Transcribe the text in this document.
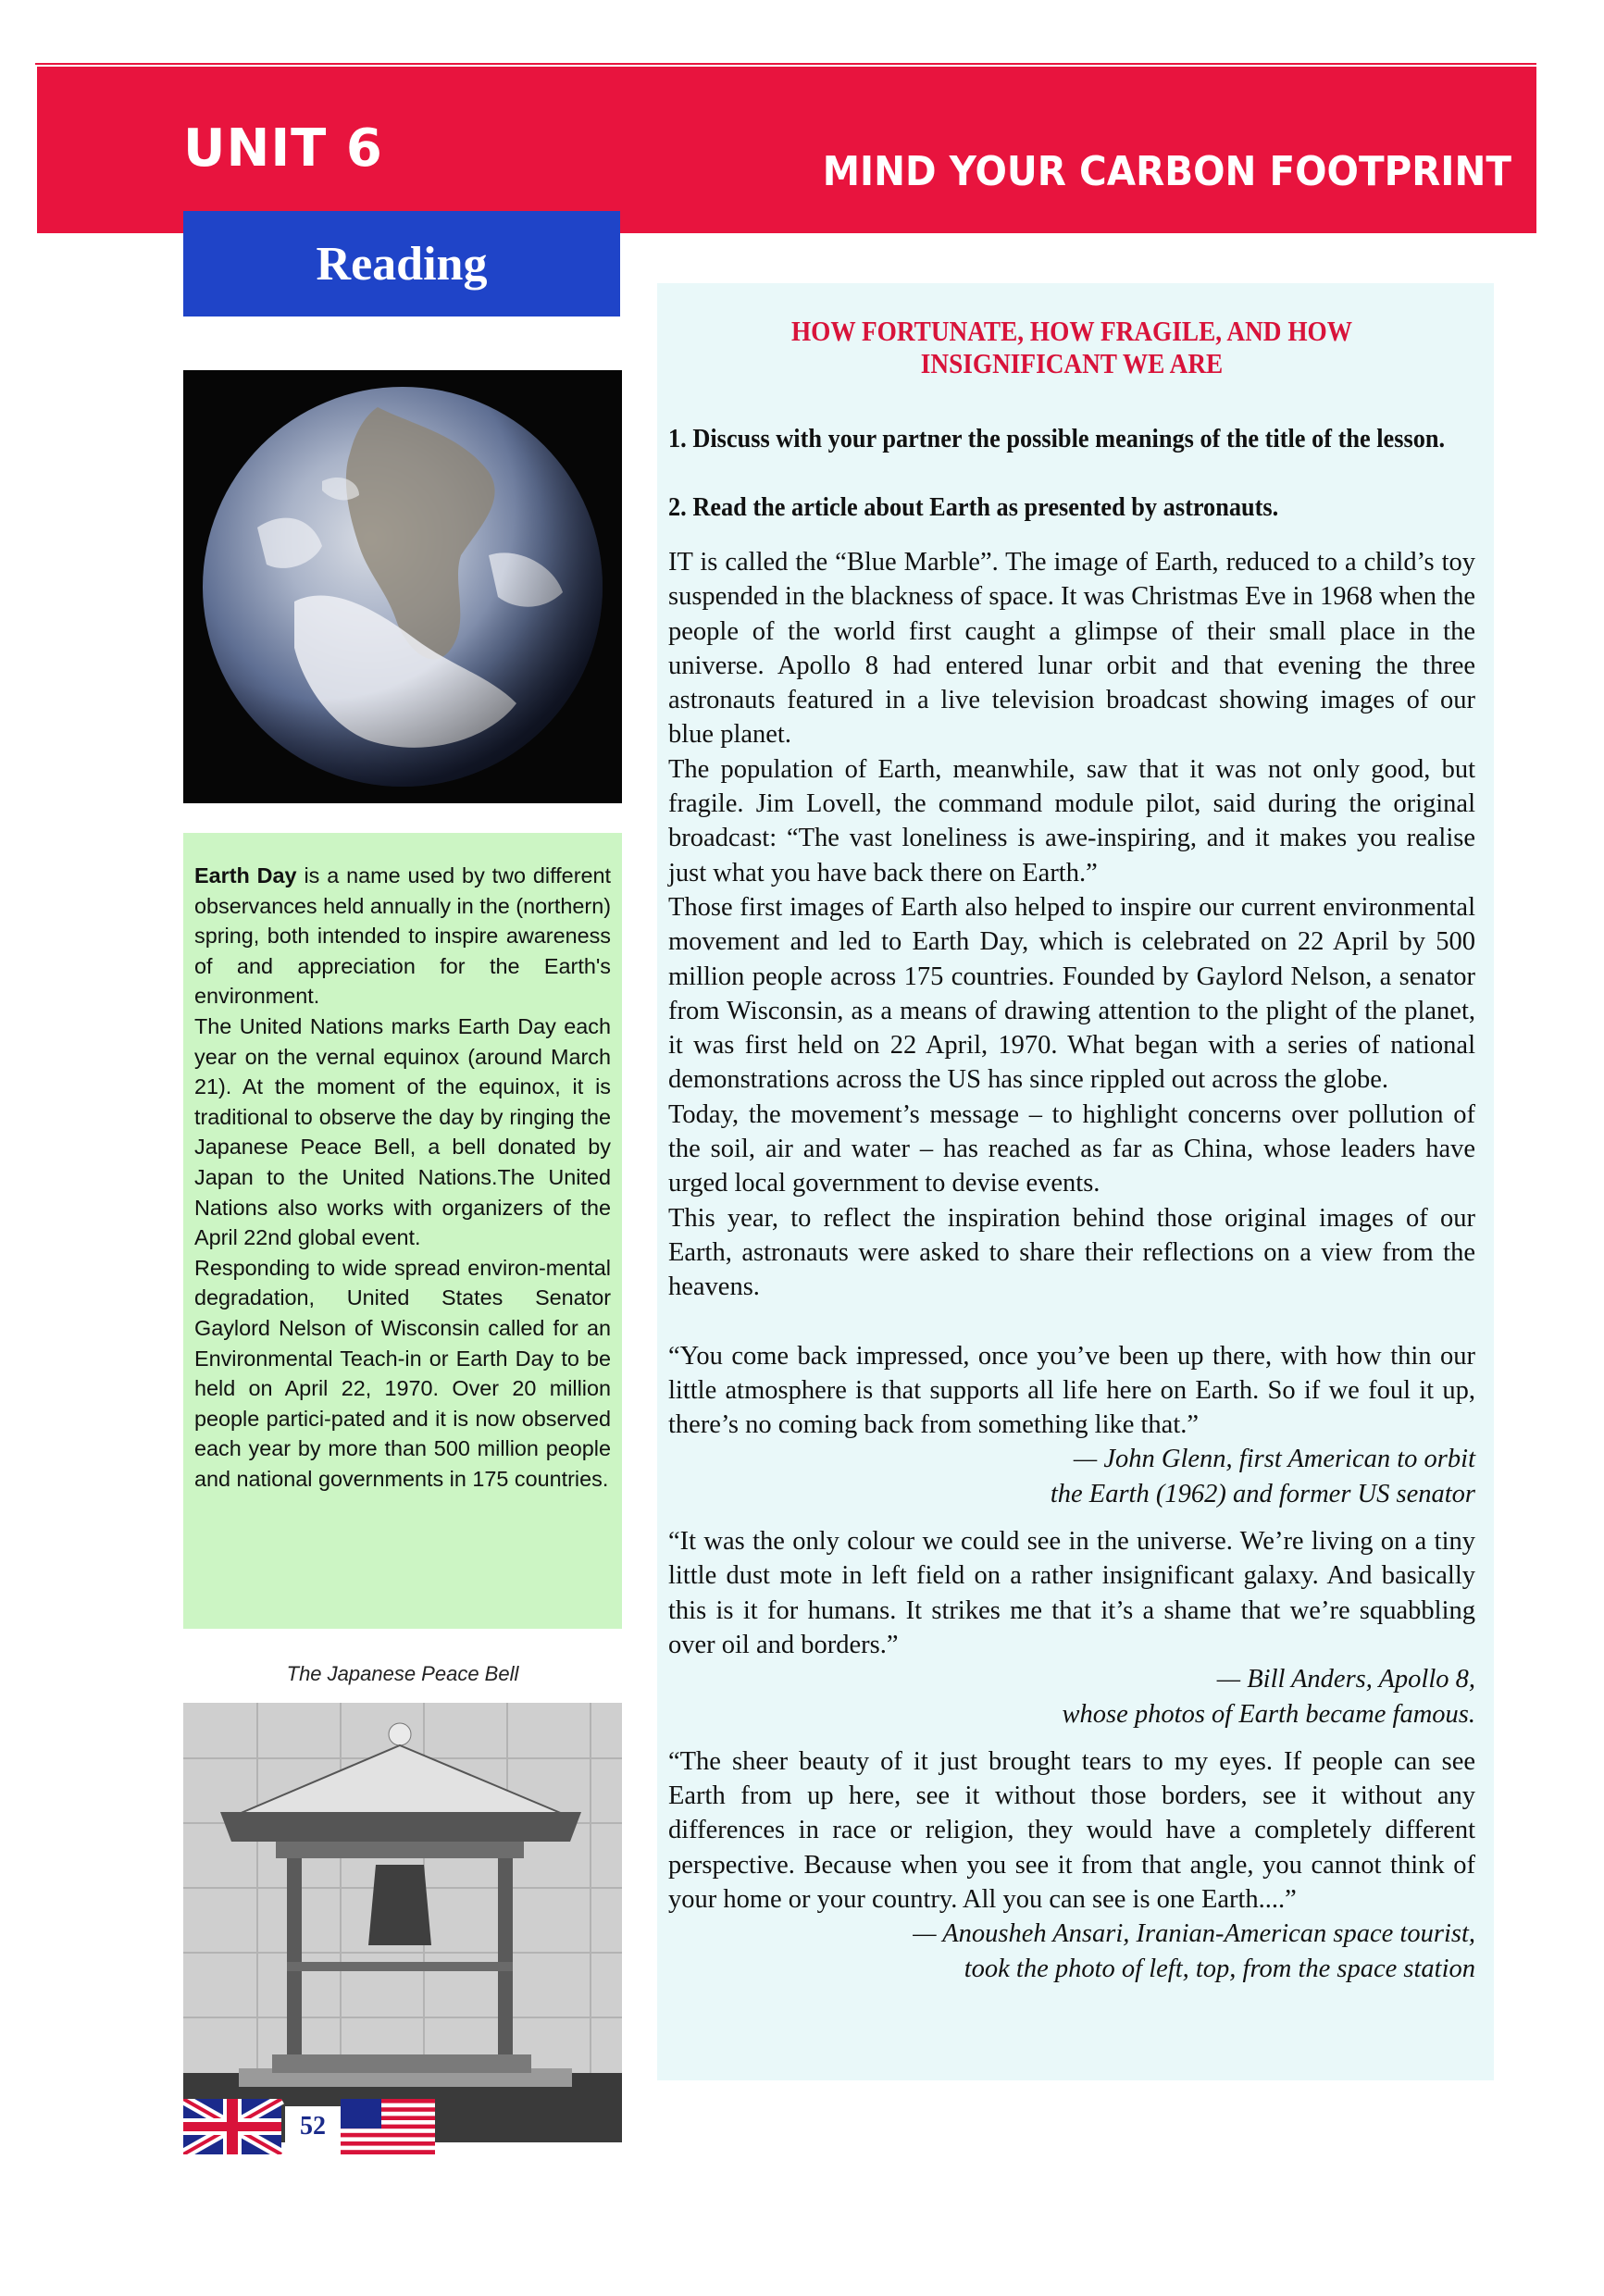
UNIT 6	MIND YOUR CARBON FOOTPRINT
Reading

Earth Day is a name used by two different observances held annually in the (northern) spring, both intended to inspire awareness of and appreciation for the Earth's environment.

The United Nations marks Earth Day each year on the vernal equinox (around March 21). At the moment of the equinox, it is traditional to observe the day by ringing the Japanese Peace Bell, a bell donated by Japan to the United Nations.The United Nations also works with organizers of the April 22nd global event.

Responding to wide spread environ-mental degradation, United States Senator Gaylord Nelson of Wisconsin called for an Environmental Teach-in or Earth Day to be held on April 22, 1970. Over 20 million people partici-pated and it is now observed each year by more than 500 million people and national governments in 175 countries.

The Japanese Peace Bell
HOW FORTUNATE, HOW FRAGILE, AND HOW
INSIGNIFICANT WE ARE

1. Discuss with your partner the possible meanings of the title of the lesson.

2. Read the article about Earth as presented by astronauts.

IT is called the “Blue Marble”. The image of Earth, reduced to a child’s toy suspended in the blackness of space. It was Christmas Eve in 1968 when the people of the world first caught a glimpse of their small place in the universe. Apollo 8 had entered lunar orbit and that evening the three astronauts featured in a live television broadcast showing images of our blue planet.

The population of Earth, meanwhile, saw that it was not only good, but fragile. Jim Lovell, the command module pilot, said during the original broadcast: “The vast loneliness is awe-inspiring, and it makes you realise just what you have back there on Earth.”

Those first images of Earth also helped to inspire our current environmental movement and led to Earth Day, which is celebrated on 22 April by 500 million people across 175 countries. Founded by Gaylord Nelson, a senator from Wisconsin, as a means of drawing attention to the plight of the planet, it was first held on 22 April, 1970. What began with a series of national demonstrations across the US has since rippled out across the globe.

Today, the movement’s message – to highlight concerns over pollution of the soil, air and water – has reached as far as China, whose leaders have urged local government to devise events.

This year, to reflect the inspiration behind those original images of our Earth, astronauts were asked to share their reflections on a view from the heavens.

“You come back impressed, once you’ve been up there, with how thin our little atmosphere is that supports all life here on Earth. So if we foul it up, there’s no coming back from something like that.”

— John Glenn, first American to orbit

the Earth (1962) and former US senator

“It was the only colour we could see in the universe. We’re living on a tiny little dust mote in left field on a rather insignificant galaxy. And basically this is it for humans. It strikes me that it’s a shame that we’re squabbling over oil and borders.”

— Bill Anders, Apollo 8,

whose photos of Earth became famous.

“The sheer beauty of it just brought tears to my eyes. If people can see Earth from up here, see it without those borders, see it without any differences in race or religion, they would have a completely different perspective. Because when you see it from that angle, you cannot think of your home or your country. All you can see is one Earth....”

— Anousheh Ansari, Iranian-American space tourist,

took the photo of left, top, from the space station

52
